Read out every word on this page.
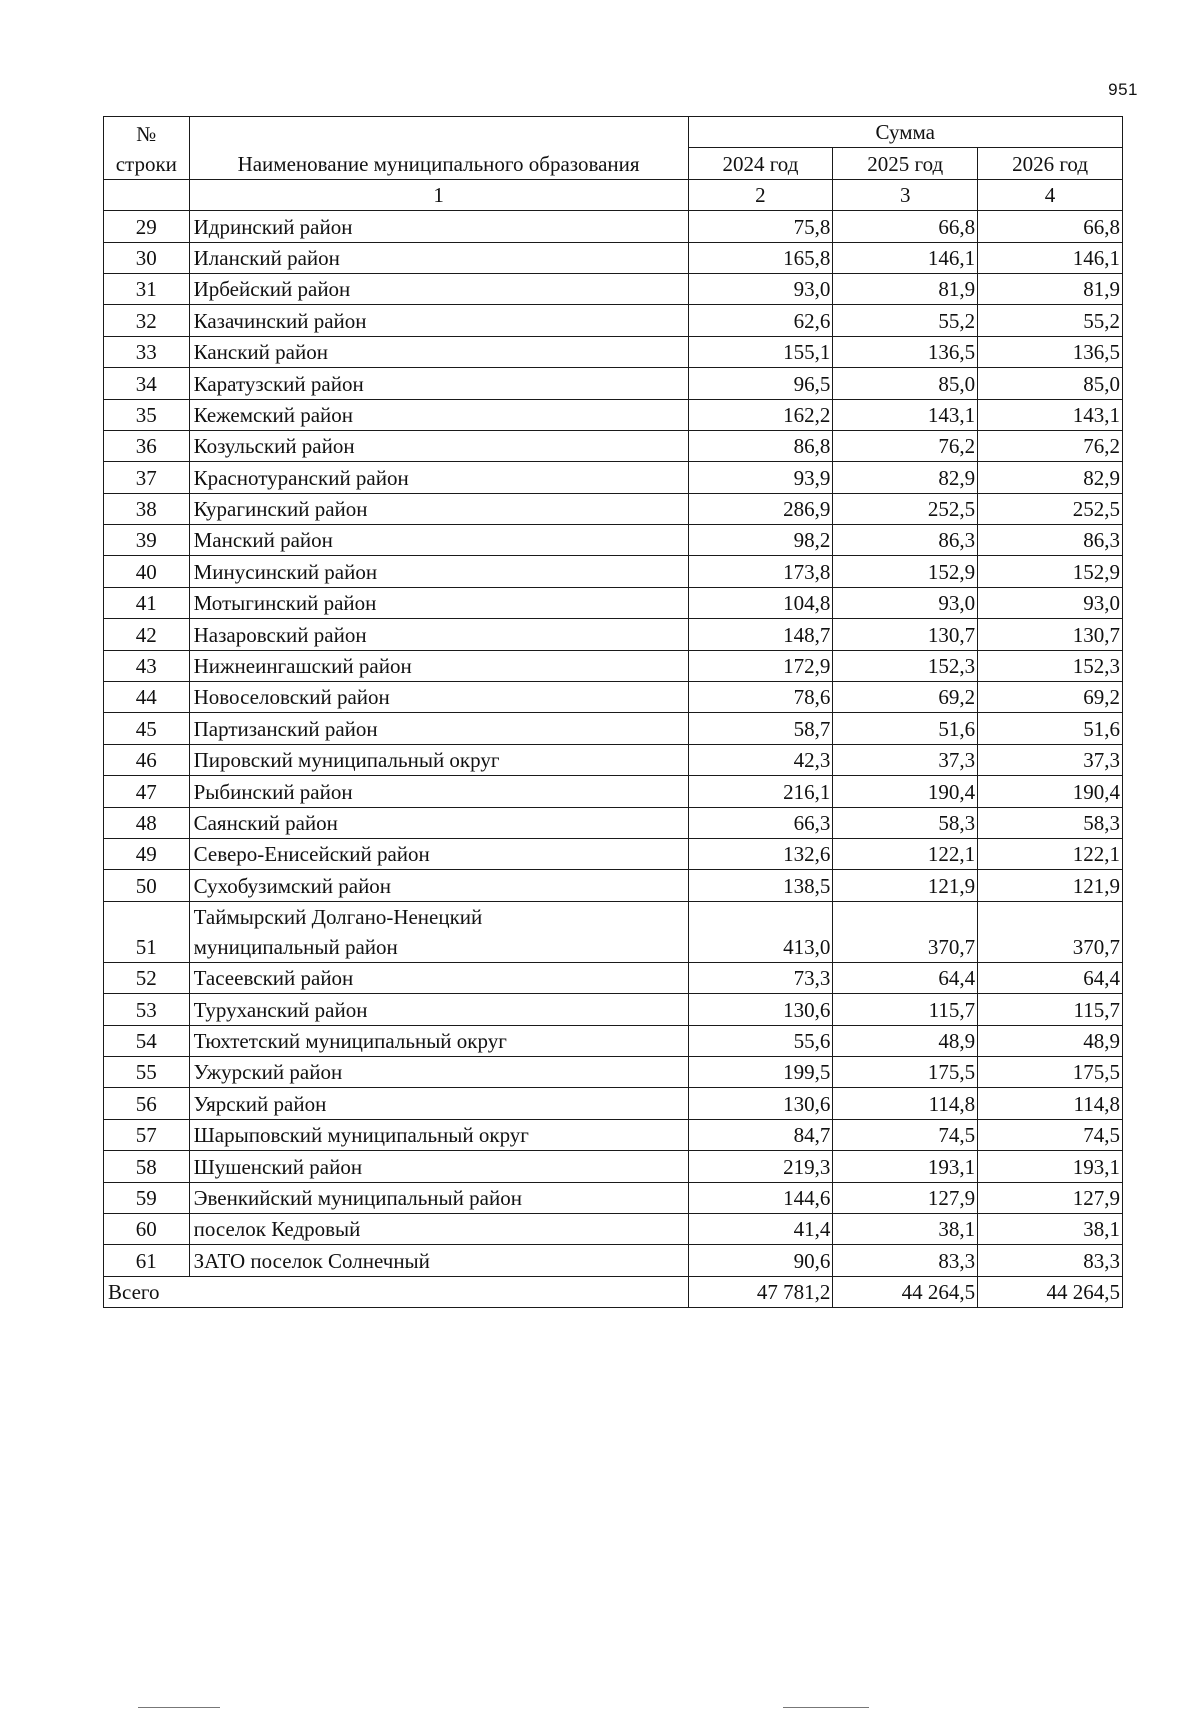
951
№
строки	Наименование муниципального образования	Сумма		
		2024 год	2025 год	2026 год
	1	2	3	4
29	Идринский район	75,8	66,8	66,8
30	Иланский район	165,8	146,1	146,1
31	Ирбейский район	93,0	81,9	81,9
32	Казачинский район	62,6	55,2	55,2
33	Канский район	155,1	136,5	136,5
34	Каратузский район	96,5	85,0	85,0
35	Кежемский район	162,2	143,1	143,1
36	Козульский район	86,8	76,2	76,2
37	Краснотуранский район	93,9	82,9	82,9
38	Курагинский район	286,9	252,5	252,5
39	Манский район	98,2	86,3	86,3
40	Минусинский район	173,8	152,9	152,9
41	Мотыгинский район	104,8	93,0	93,0
42	Назаровский район	148,7	130,7	130,7
43	Нижнеингашский район	172,9	152,3	152,3
44	Новоселовский район	78,6	69,2	69,2
45	Партизанский район	58,7	51,6	51,6
46	Пировский муниципальный округ	42,3	37,3	37,3
47	Рыбинский район	216,1	190,4	190,4
48	Саянский район	66,3	58,3	58,3
49	Северо-Енисейский район	132,6	122,1	122,1
50	Сухобузимский район	138,5	121,9	121,9
51	Таймырский Долгано-Ненецкий
муниципальный район	413,0	370,7	370,7
52	Тасеевский район	73,3	64,4	64,4
53	Туруханский район	130,6	115,7	115,7
54	Тюхтетский муниципальный округ	55,6	48,9	48,9
55	Ужурский район	199,5	175,5	175,5
56	Уярский район	130,6	114,8	114,8
57	Шарыповский муниципальный округ	84,7	74,5	74,5
58	Шушенский район	219,3	193,1	193,1
59	Эвенкийский муниципальный район	144,6	127,9	127,9
60	поселок Кедровый	41,4	38,1	38,1
61	ЗАТО поселок Солнечный	90,6	83,3	83,3
Всего		47 781,2	44 264,5	44 264,5
